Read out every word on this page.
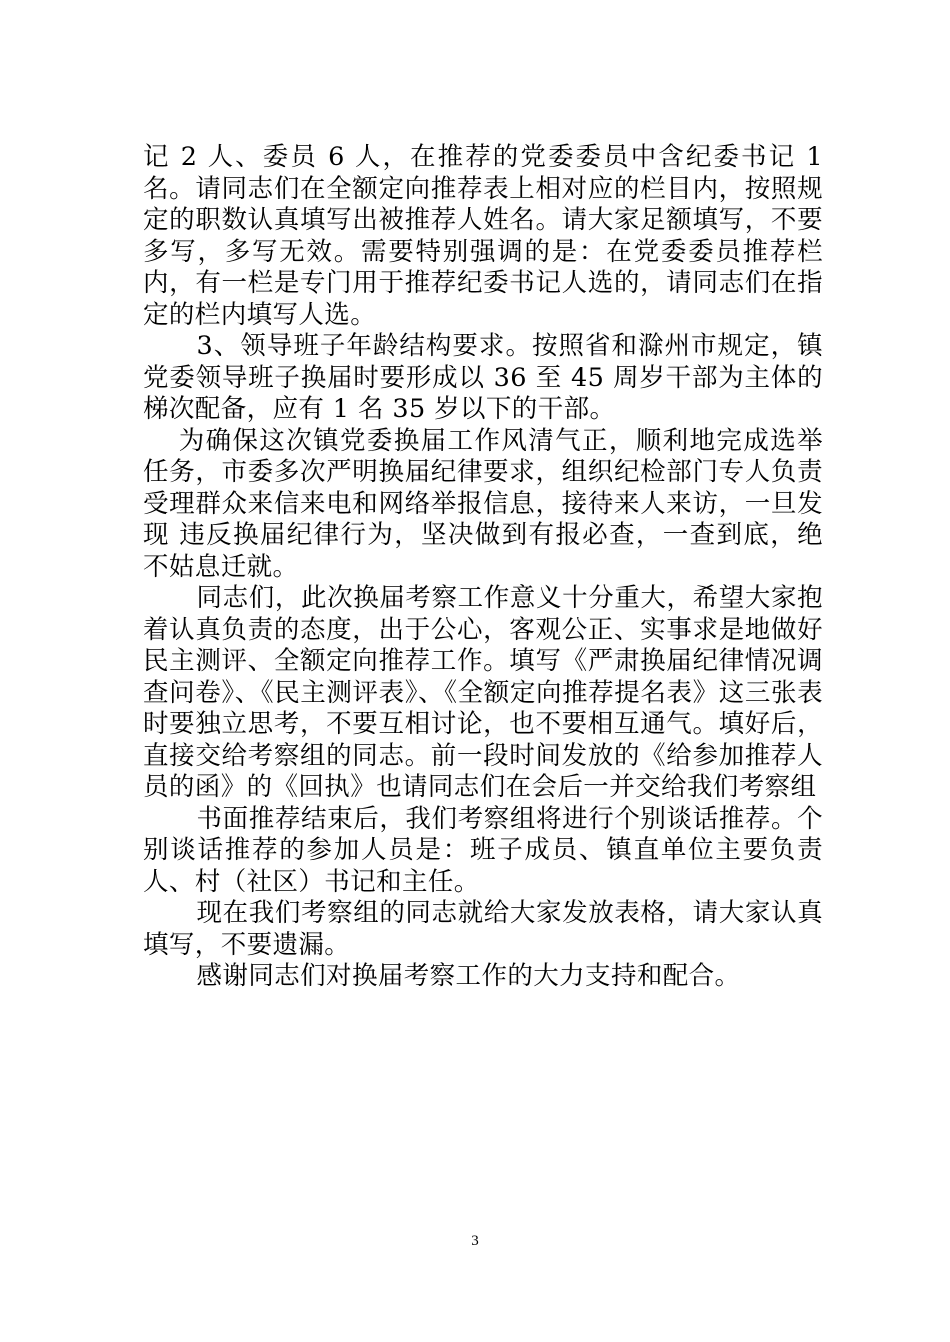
记 2 人、委员 6 人，在推荐的党委委员中含纪委书记 1 名。请同志们在全额定向推荐表上相对应的栏目内，按照规定的职数认真填写出被推荐人姓名。请大家足额填写，不要多写，多写无效。需要特别强调的是：在党委委员推荐栏内，有一栏是专门用于推荐纪委书记人选的，请同志们在指定的栏内填写人选。

3、领导班子年龄结构要求。按照省和滁州市规定，镇党委领导班子换届时要形成以 36 至 45 周岁干部为主体的梯次配备，应有 1 名 35 岁以下的干部。

为确保这次镇党委换届工作风清气正，顺利地完成选举任务，市委多次严明换届纪律要求，组织纪检部门专人负责受理群众来信来电和网络举报信息，接待来人来访，一旦发现 违反换届纪律行为，坚决做到有报必查，一查到底，绝不姑息迁就。

同志们，此次换届考察工作意义十分重大，希望大家抱着认真负责的态度，出于公心，客观公正、实事求是地做好民主测评、全额定向推荐工作。填写《严肃换届纪律情况调查问卷》、《民主测评表》、《全额定向推荐提名表》这三张表时要独立思考，不要互相讨论，也不要相互通气。填好后，直接交给考察组的同志。前一段时间发放的《给参加推荐人员的函》的《回执》也请同志们在会后一并交给我们考察组

书面推荐结束后，我们考察组将进行个别谈话推荐。个别谈话推荐的参加人员是：班子成员、镇直单位主要负责人、村（社区）书记和主任。

现在我们考察组的同志就给大家发放表格，请大家认真填写，不要遗漏。

感谢同志们对换届考察工作的大力支持和配合。

3
